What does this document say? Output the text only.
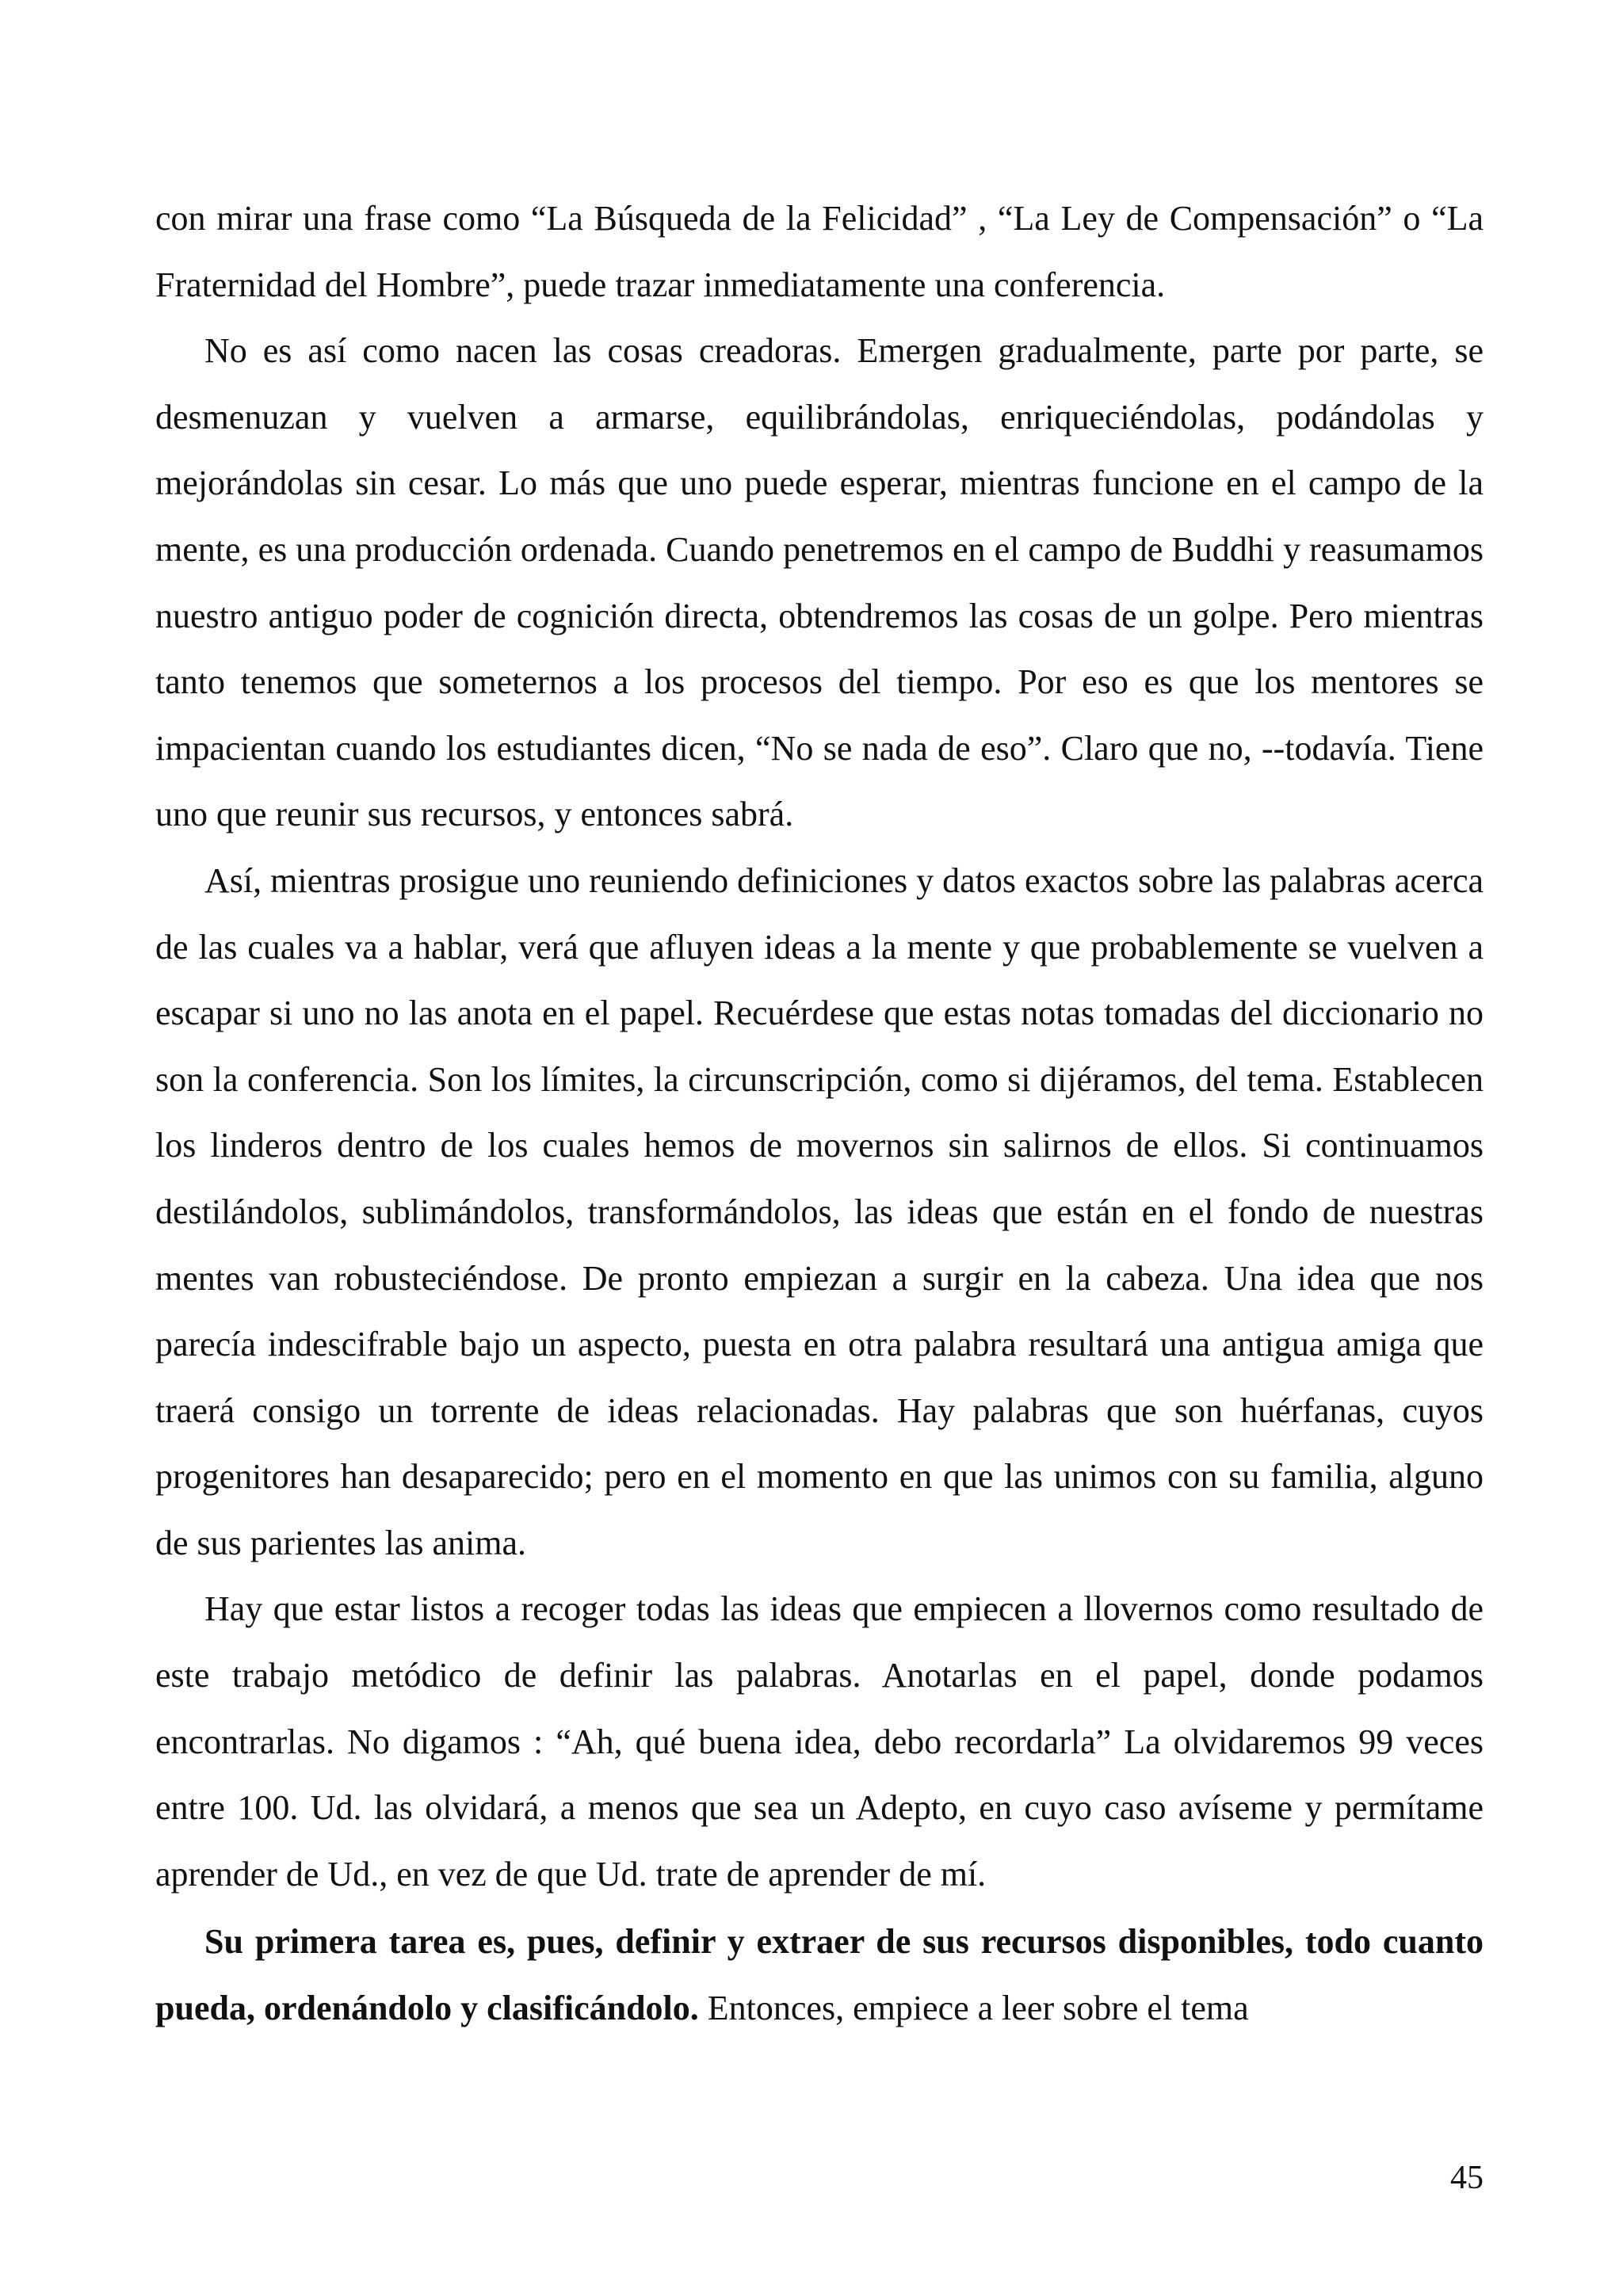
con mirar una frase como “La Búsqueda de la Felicidad” , “La Ley de Compensación” o “La Fraternidad del Hombre”, puede trazar inmediatamente una conferencia.

No es así como nacen las cosas creadoras. Emergen gradualmente, parte por parte, se desmenuzan y vuelven a armarse, equilibrándolas, enriqueciéndolas, podándolas y mejorándolas sin cesar. Lo más que uno puede esperar, mientras funcione en el campo de la mente, es una producción ordenada. Cuando penetremos en el campo de Buddhi y reasumamos nuestro antiguo poder de cognición directa, obtendremos las cosas de un golpe. Pero mientras tanto tenemos que someternos a los procesos del tiempo. Por eso es que los mentores se impacientan cuando los estudiantes dicen, “No se nada de eso”. Claro que no, --todavía. Tiene uno que reunir sus recursos, y entonces sabrá.

Así, mientras prosigue uno reuniendo definiciones y datos exactos sobre las palabras acerca de las cuales va a hablar, verá que afluyen ideas a la mente y que probablemente se vuelven a escapar si uno no las anota en el papel. Recuérdese que estas notas tomadas del diccionario no son la conferencia. Son los límites, la circunscripción, como si dijéramos, del tema. Establecen los linderos dentro de los cuales hemos de movernos sin salirnos de ellos. Si continuamos destilándolos, sublimándolos, transformándolos, las ideas que están en el fondo de nuestras mentes van robusteciéndose. De pronto empiezan a surgir en la cabeza. Una idea que nos parecía indescifrable bajo un aspecto, puesta en otra palabra resultará una antigua amiga que traerá consigo un torrente de ideas relacionadas. Hay palabras que son huérfanas, cuyos progenitores han desaparecido; pero en el momento en que las unimos con su familia, alguno de sus parientes las anima.

Hay que estar listos a recoger todas las ideas que empiecen a llovernos como resultado de este trabajo metódico de definir las palabras. Anotarlas en el papel, donde podamos encontrarlas. No digamos : “Ah, qué buena idea, debo recordarla” La olvidaremos 99 veces entre 100. Ud. las olvidará, a menos que sea un Adepto, en cuyo caso avíseme y permítame aprender de Ud., en vez de que Ud. trate de aprender de mí.

Su primera tarea es, pues, definir y extraer de sus recursos disponibles, todo cuanto pueda, ordenándolo y clasificándolo. Entonces, empiece a leer sobre el tema

45
